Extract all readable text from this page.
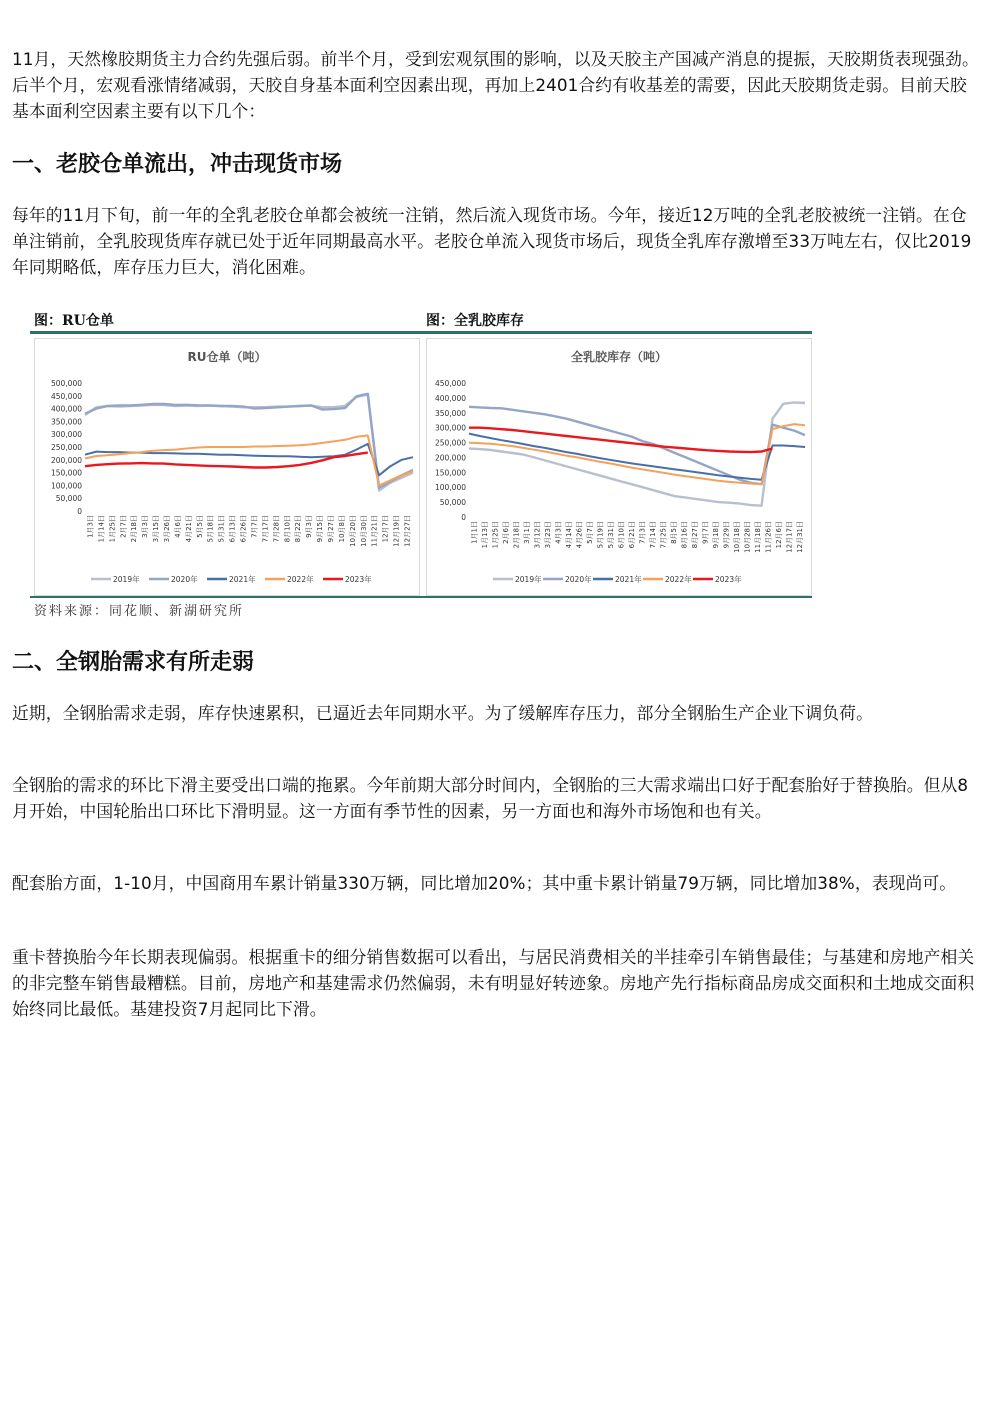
11月，天然橡胶期货主力合约先强后弱。前半个月，受到宏观氛围的影响，以及天胶主产国减产消息的提振，天胶期货表现强劲。后半个月，宏观看涨情绪减弱，天胶自身基本面利空因素出现，再加上2401合约有收基差的需要，因此天胶期货走弱。目前天胶基本面利空因素主要有以下几个：

一、老胶仓单流出，冲击现货市场

每年的11月下旬，前一年的全乳老胶仓单都会被统一注销，然后流入现货市场。今年，接近12万吨的全乳老胶被统一注销。在仓单注销前，全乳胶现货库存就已处于近年同期最高水平。老胶仓单流入现货市场后，现货全乳库存激增至33万吨左右，仅比2019年同期略低，库存压力巨大，消化困难。

图：RU仓单	图：全乳胶库存
RU仓单（吨）
500,000
450,000
400,000
350,000
300,000
250,000
200,000
150,000
100,000
50,000
0
1月3日 1月14日 1月25日 2月7日 2月18日 3月3日 3月15日 3月26日 4月6日 4月21日 5月5日 5月18日 5月31日 6月13日 6月26日 7月7日 7月17日 7月28日 8月10日 8月22日 9月3日 9月15日 9月27日 10月8日 10月20日 10月30日 11月21日 12月7日 12月19日 12月27日
2019年	2020年	2021年	2022年	2023年
全乳胶库存（吨）
450,000
400,000
350,000
300,000
250,000
200,000
150,000
100,000
50,000
0
1月1日 1月13日 1月25日 2月6日 2月18日 3月1日 3月12日 3月23日 4月3日 4月14日 4月26日 5月7日 5月19日 5月31日 6月10日 6月21日 7月3日 7月14日 7月25日 8月5日 8月16日 8月27日 9月7日 9月18日 9月29日 10月18日 10月28日 11月18日 11月26日 12月6日 12月17日 12月31日
2019年	2020年	2021年	2022年	2023年
资料来源：同花顺、新湖研究所
二、全钢胎需求有所走弱

近期，全钢胎需求走弱，库存快速累积，已逼近去年同期水平。为了缓解库存压力，部分全钢胎生产企业下调负荷。

全钢胎的需求的环比下滑主要受出口端的拖累。今年前期大部分时间内，全钢胎的三大需求端出口好于配套胎好于替换胎。但从8月开始，中国轮胎出口环比下滑明显。这一方面有季节性的因素，另一方面也和海外市场饱和也有关。

配套胎方面，1-10月，中国商用车累计销量330万辆，同比增加20%；其中重卡累计销量79万辆，同比增加38%，表现尚可。

重卡替换胎今年长期表现偏弱。根据重卡的细分销售数据可以看出，与居民消费相关的半挂牵引车销售最佳；与基建和房地产相关的非完整车销售最糟糕。目前，房地产和基建需求仍然偏弱，未有明显好转迹象。房地产先行指标商品房成交面积和土地成交面积始终同比最低。基建投资7月起同比下滑。
